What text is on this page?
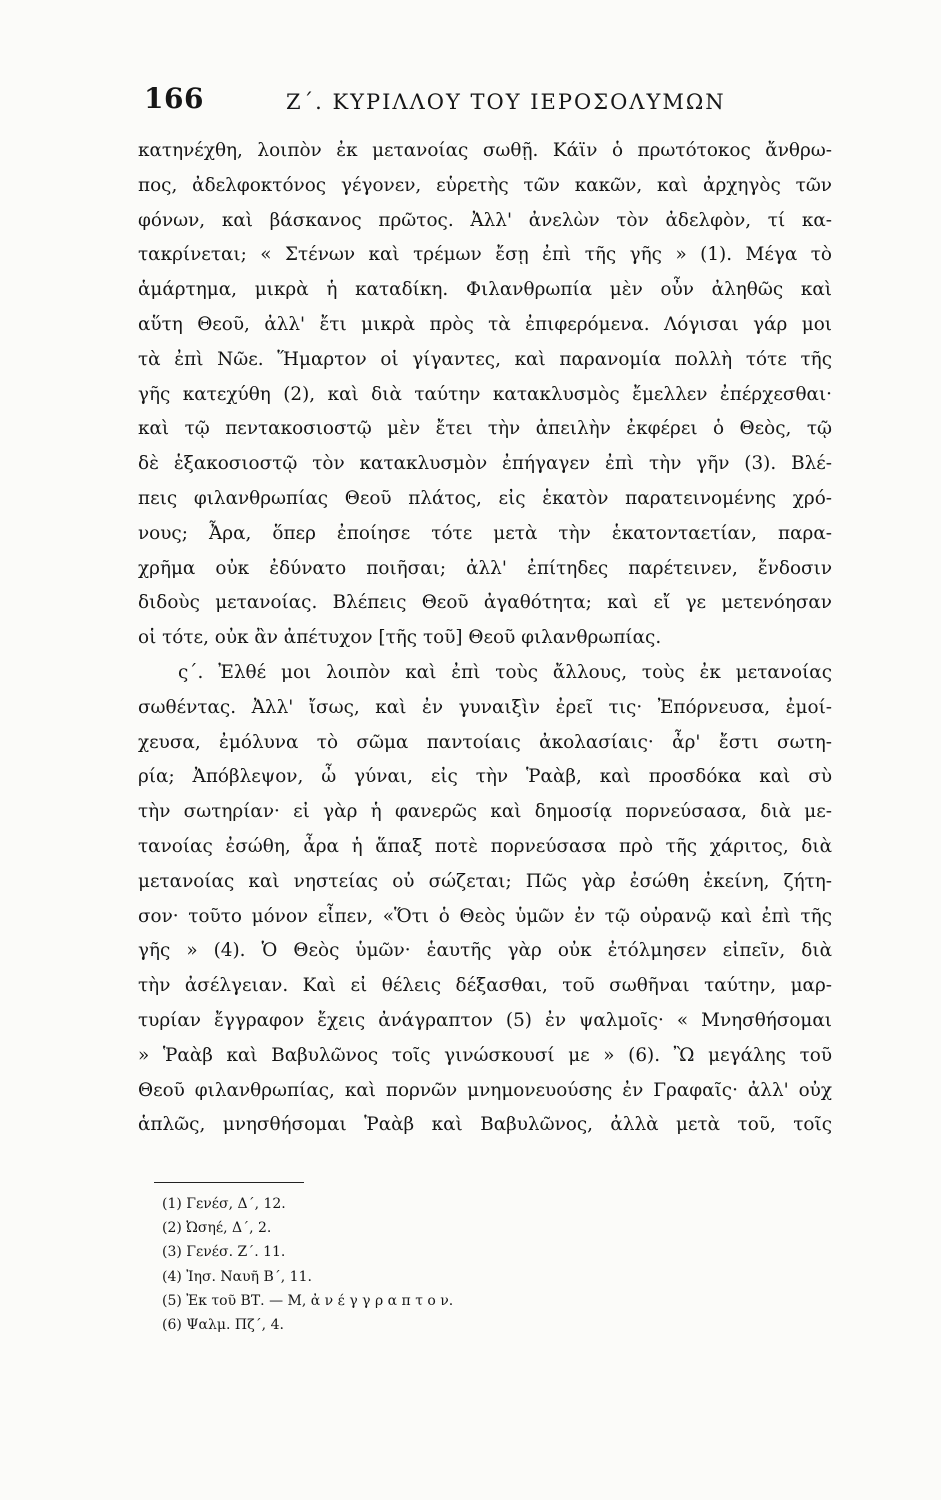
166	Ζ΄. ΚΥΡΙΛΛΟΥ ΤΟΥ ΙΕΡΟΣΟΛΥΜΩΝ
κατηνέχθη, λοιπὸν ἐκ μετανοίας σωθῇ. Κάϊν ὁ πρωτότοκος ἄνθρω-
πος, ἀδελφοκτόνος γέγονεν, εὑρετὴς τῶν κακῶν, καὶ ἀρχηγὸς τῶν
φόνων, καὶ βάσκανος πρῶτος. Ἀλλ' ἀνελὼν τὸν ἀδελφὸν, τί κα-
τακρίνεται; « Στένων καὶ τρέμων ἔσῃ ἐπὶ τῆς γῆς » (1). Μέγα τὸ
ἁμάρτημα, μικρὰ ἡ καταδίκη. Φιλανθρωπία μὲν οὖν ἀληθῶς καὶ
αὕτη Θεοῦ, ἀλλ' ἔτι μικρὰ πρὸς τὰ ἐπιφερόμενα. Λόγισαι γάρ μοι
τὰ ἐπὶ Νῶε. Ἥμαρτον οἱ γίγαντες, καὶ παρανομία πολλὴ τότε τῆς
γῆς κατεχύθη (2), καὶ διὰ ταύτην κατακλυσμὸς ἔμελλεν ἐπέρχεσθαι·
καὶ τῷ πεντακοσιοστῷ μὲν ἔτει τὴν ἀπειλὴν ἐκφέρει ὁ Θεὸς, τῷ
δὲ ἑξακοσιοστῷ τὸν κατακλυσμὸν ἐπήγαγεν ἐπὶ τὴν γῆν (3). Βλέ-
πεις φιλανθρωπίας Θεοῦ πλάτος, εἰς ἑκατὸν παρατεινομένης χρό-
νους; Ἆρα, ὅπερ ἐποίησε τότε μετὰ τὴν ἑκατονταετίαν, παρα-
χρῆμα οὐκ ἐδύνατο ποιῆσαι; ἀλλ' ἐπίτηδες παρέτεινεν, ἔνδοσιν
διδοὺς μετανοίας. Βλέπεις Θεοῦ ἀγαθότητα; καὶ εἴ γε μετενόησαν
οἱ τότε, οὐκ ἂν ἀπέτυχον [τῆς τοῦ] Θεοῦ φιλανθρωπίας.
ς΄. Ἐλθέ μοι λοιπὸν καὶ ἐπὶ τοὺς ἄλλους, τοὺς ἐκ μετανοίας
σωθέντας. Ἀλλ' ἴσως, καὶ ἐν γυναιξὶν ἐρεῖ τις· Ἐπόρνευσα, ἐμοί-
χευσα, ἐμόλυνα τὸ σῶμα παντοίαις ἀκολασίαις· ἆρ' ἔστι σωτη-
ρία; Ἀπόβλεψον, ὦ γύναι, εἰς τὴν Ῥαὰβ, καὶ προσδόκα καὶ σὺ
τὴν σωτηρίαν· εἰ γὰρ ἡ φανερῶς καὶ δημοσίᾳ πορνεύσασα, διὰ με-
τανοίας ἐσώθη, ἆρα ἡ ἅπαξ ποτὲ πορνεύσασα πρὸ τῆς χάριτος, διὰ
μετανοίας καὶ νηστείας οὐ σώζεται; Πῶς γὰρ ἐσώθη ἐκείνη, ζήτη-
σον· τοῦτο μόνον εἶπεν, «Ὅτι ὁ Θεὸς ὑμῶν ἐν τῷ οὐρανῷ καὶ ἐπὶ τῆς
γῆς » (4). Ὁ Θεὸς ὑμῶν· ἑαυτῆς γὰρ οὐκ ἐτόλμησεν εἰπεῖν, διὰ
τὴν ἀσέλγειαν. Καὶ εἰ θέλεις δέξασθαι, τοῦ σωθῆναι ταύτην, μαρ-
τυρίαν ἔγγραφον ἔχεις ἀνάγραπτον (5) ἐν ψαλμοῖς· « Μνησθήσομαι
» Ῥαὰβ καὶ Βαβυλῶνος τοῖς γινώσκουσί με » (6). Ὢ μεγάλης τοῦ
Θεοῦ φιλανθρωπίας, καὶ πορνῶν μνημονευούσης ἐν Γραφαῖς· ἀλλ' οὐχ
ἁπλῶς, μνησθήσομαι Ῥαὰβ καὶ Βαβυλῶνος, ἀλλὰ μετὰ τοῦ, τοῖς
(1) Γενέσ, Δ΄, 12.
(2) Ὠσηέ, Δ΄, 2.
(3) Γενέσ. Ζ΄. 11.
(4) Ἰησ. Ναυῆ Β΄, 11.
(5) Ἐκ τοῦ ΒΤ. — Μ, ἀ ν έ γ γ ρ α π τ ο ν.
(6) Ψαλμ. Πζ΄, 4.
